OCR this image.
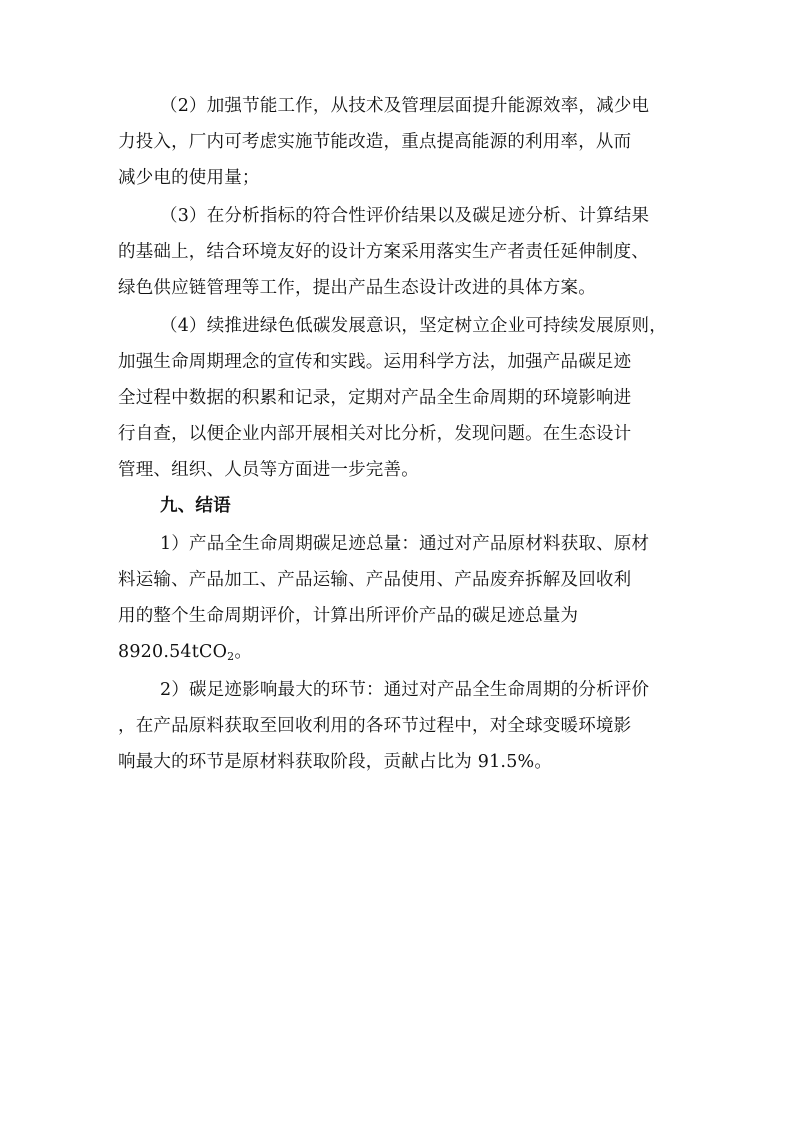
（2）加强节能工作，从技术及管理层面提升能源效率，减少电
力投入，厂内可考虑实施节能改造，重点提高能源的利用率，从而
减少电的使用量；
（3）在分析指标的符合性评价结果以及碳足迹分析、计算结果
的基础上，结合环境友好的设计方案采用落实生产者责任延伸制度、
绿色供应链管理等工作，提出产品生态设计改进的具体方案。
（4）续推进绿色低碳发展意识，坚定树立企业可持续发展原则，
加强生命周期理念的宣传和实践。运用科学方法，加强产品碳足迹
全过程中数据的积累和记录，定期对产品全生命周期的环境影响进
行自查，以便企业内部开展相关对比分析，发现问题。在生态设计
管理、组织、人员等方面进一步完善。
九、结语
1）产品全生命周期碳足迹总量：通过对产品原材料获取、原材
料运输、产品加工、产品运输、产品使用、产品废弃拆解及回收利
用的整个生命周期评价，计算出所评价产品的碳足迹总量为
8920.54tCO$_2$。
2）碳足迹影响最大的环节：通过对产品全生命周期的分析评价
，在产品原料获取至回收利用的各环节过程中，对全球变暖环境影
响最大的环节是原材料获取阶段，贡献占比为 91.5%。
